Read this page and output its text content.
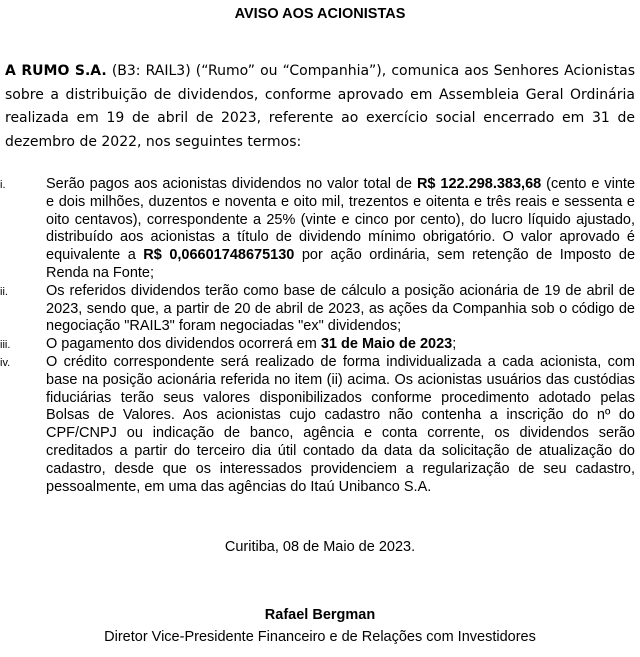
AVISO AOS ACIONISTAS

A RUMO S.A. (B3: RAIL3) (“Rumo” ou “Companhia”), comunica aos Senhores Acionistas sobre a distribuição de dividendos, conforme aprovado em Assembleia Geral Ordinária realizada em 19 de abril de 2023, referente ao exercício social encerrado em 31 de dezembro de 2022, nos seguintes termos:

i.	Serão pagos aos acionistas dividendos no valor total de R$ 122.298.383,68 (cento e vinte e dois milhões, duzentos e noventa e oito mil, trezentos e oitenta e três reais e sessenta e oito centavos), correspondente a 25% (vinte e cinco por cento), do lucro líquido ajustado, distribuído aos acionistas a título de dividendo mínimo obrigatório. O valor aprovado é equivalente a R$ 0,06601748675130 por ação ordinária, sem retenção de Imposto de Renda na Fonte;
ii.	Os referidos dividendos terão como base de cálculo a posição acionária de 19 de abril de 2023, sendo que, a partir de 20 de abril de 2023, as ações da Companhia sob o código de negociação "RAIL3" foram negociadas "ex" dividendos;
iii.	O pagamento dos dividendos ocorrerá em 31 de Maio de 2023;
iv.	O crédito correspondente será realizado de forma individualizada a cada acionista, com base na posição acionária referida no item (ii) acima. Os acionistas usuários das custódias fiduciárias terão seus valores disponibilizados conforme procedimento adotado pelas Bolsas de Valores. Aos acionistas cujo cadastro não contenha a inscrição do nº do CPF/CNPJ ou indicação de banco, agência e conta corrente, os dividendos serão creditados a partir do terceiro dia útil contado da data da solicitação de atualização do cadastro, desde que os interessados providenciem a regularização de seu cadastro, pessoalmente, em uma das agências do Itaú Unibanco S.A.
Curitiba, 08 de Maio de 2023.
Rafael Bergman
Diretor Vice-Presidente Financeiro e de Relações com Investidores
